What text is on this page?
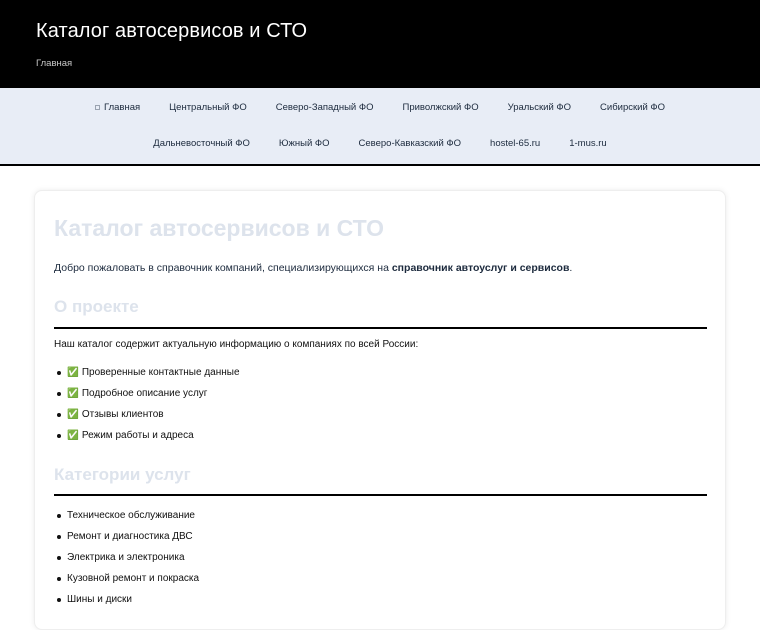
Каталог автосервисов и СТО
Главная
Главная	Центральный ФО	Северо-Западный ФО	Приволжский ФО	Уральский ФО	Сибирский ФО
Дальневосточный ФО	Южный ФО	Северо-Кавказский ФО	hostel-65.ru	1-mus.ru
Каталог автосервисов и СТО

Добро пожаловать в справочник компаний, специализирующихся на справочник автоуслуг и сервисов.

О проекте

Наш каталог содержит актуальную информацию о компаниях по всей России:

✅ Проверенные контактные данные
✅ Подробное описание услуг
✅ Отзывы клиентов
✅ Режим работы и адреса
Категории услуг
Техническое обслуживание
Ремонт и диагностика ДВС
Электрика и электроника
Кузовной ремонт и покраска
Шины и диски
